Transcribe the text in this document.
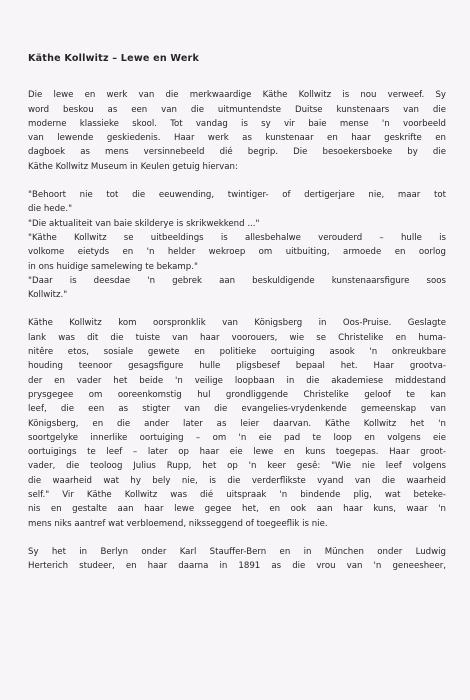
Käthe Kollwitz – Lewe en Werk
Die lewe en werk van die merkwaardige Käthe Kollwitz is nou verweef. Sy
word beskou as een van die uitmuntendste Duitse kunstenaars van die
moderne klassieke skool. Tot vandag is sy vir baie mense 'n voorbeeld
van lewende geskiedenis. Haar werk as kunstenaar en haar geskrifte en
dagboek as mens versinnebeeld dié begrip. Die besoekersboeke by die
Käthe Kollwitz Museum in Keulen getuig hiervan:
"Behoort nie tot die eeuwending, twintiger- of dertigerjare nie, maar tot
die hede."
"Die aktualiteit van baie skilderye is skrikwekkend ..."
"Käthe Kollwitz se uitbeeldings is allesbehalwe verouderd – hulle is
volkome eietyds en 'n helder wekroep om uitbuiting, armoede en oorlog
in ons huidige samelewing te bekamp."
"Daar is deesdae 'n gebrek aan beskuldigende kunstenaarsfigure soos
Kollwitz."
Käthe Kollwitz kom oorspronklik van Königsberg in Oos-Pruise. Geslagte
lank was dit die tuiste van haar voorouers, wie se Christelike en huma-
nitêre etos, sosiale gewete en politieke oortuiging asook 'n onkreukbare
houding teenoor gesagsfigure hulle pligsbesef bepaal het. Haar grootva-
der en vader het beide 'n veilige loopbaan in die akademiese middestand
prysgegee om ooreenkomstig hul grondliggende Christelike geloof te kan
leef, die een as stigter van die evangelies-vrydenkende gemeenskap van
Königsberg, en die ander later as leier daarvan. Käthe Kollwitz het 'n
soortgelyke innerlike oortuiging – om 'n eie pad te loop en volgens eie
oortuigings te leef – later op haar eie lewe en kuns toegepas. Haar groot-
vader, die teoloog Julius Rupp, het op 'n keer gesê: "Wie nie leef volgens
die waarheid wat hy bely nie, is die verderflikste vyand van die waarheid
self." Vir Käthe Kollwitz was dié uitspraak 'n bindende plig, wat beteke-
nis en gestalte aan haar lewe gegee het, en ook aan haar kuns, waar 'n
mens niks aantref wat verbloemend, niksseggend of toegeeflik is nie.
Sy het in Berlyn onder Karl Stauffer-Bern en in München onder Ludwig
Herterich studeer, en haar daarna in 1891 as die vrou van 'n geneesheer,
